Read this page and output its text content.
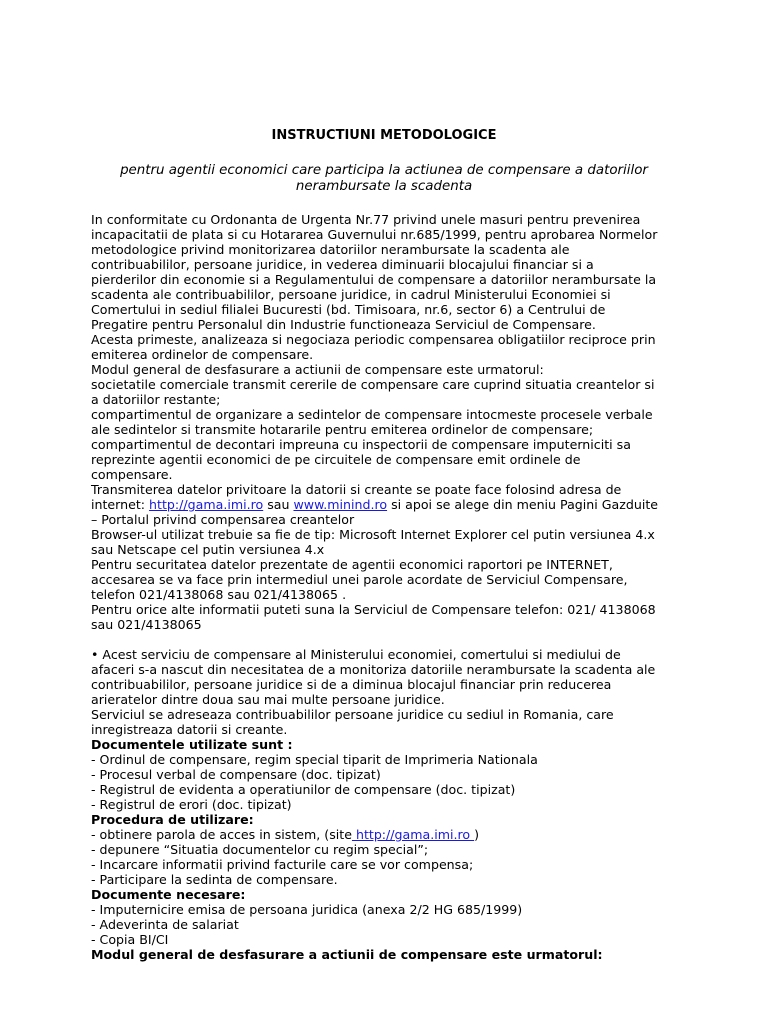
INSTRUCTIUNI METODOLOGICE
pentru agentii economici care participa la actiunea de compensare a datoriilor
nerambursate la scadenta
In conformitate cu Ordonanta de Urgenta Nr.77 privind unele masuri pentru prevenirea
incapacitatii de plata si cu Hotararea Guvernului nr.685/1999, pentru aprobarea Normelor
metodologice privind monitorizarea datoriilor nerambursate la scadenta ale
contribuabililor, persoane juridice, in vederea diminuarii blocajului financiar si a
pierderilor din economie si a Regulamentului de compensare a datoriilor nerambursate la
scadenta ale contribuabililor, persoane juridice, in cadrul Ministerului Economiei si
Comertului in sediul filialei Bucuresti (bd. Timisoara, nr.6, sector 6) a Centrului de
Pregatire pentru Personalul din Industrie functioneaza Serviciul de Compensare.
Acesta primeste, analizeaza si negociaza periodic compensarea obligatiilor reciproce prin
emiterea ordinelor de compensare.
Modul general de desfasurare a actiunii de compensare este urmatorul:
societatile comerciale transmit cererile de compensare care cuprind situatia creantelor si
a datoriilor restante;
compartimentul de organizare a sedintelor de compensare intocmeste procesele verbale
ale sedintelor si transmite hotararile pentru emiterea ordinelor de compensare;
compartimentul de decontari impreuna cu inspectorii de compensare imputerniciti sa
reprezinte agentii economici de pe circuitele de compensare emit ordinele de
compensare.
Transmiterea datelor privitoare la datorii si creante se poate face folosind adresa de
internet: http://gama.imi.ro sau www.minind.ro si apoi se alege din meniu Pagini Gazduite
– Portalul privind compensarea creantelor
Browser-ul utilizat trebuie sa fie de tip: Microsoft Internet Explorer cel putin versiunea 4.x
sau Netscape cel putin versiunea 4.x
Pentru securitatea datelor prezentate de agentii economici raportori pe INTERNET,
accesarea se va face prin intermediul unei parole acordate de Serviciul Compensare,
telefon 021/4138068 sau 021/4138065 .
Pentru orice alte informatii puteti suna la Serviciul de Compensare telefon: 021/ 4138068
sau 021/4138065
• Acest serviciu de compensare al Ministerului economiei, comertului si mediului de
afaceri s-a nascut din necesitatea de a monitoriza datoriile nerambursate la scadenta ale
contribuabililor, persoane juridice si de a diminua blocajul financiar prin reducerea
arieratelor dintre doua sau mai multe persoane juridice.
Serviciul se adreseaza contribuabililor persoane juridice cu sediul in Romania, care
inregistreaza datorii si creante.
Documentele utilizate sunt :
- Ordinul de compensare, regim special tiparit de Imprimeria Nationala
- Procesul verbal de compensare (doc. tipizat)
- Registrul de evidenta a operatiunilor de compensare (doc. tipizat)
- Registrul de erori (doc. tipizat)
Procedura de utilizare:
- obtinere parola de acces in sistem, (site http://gama.imi.ro )
- depunere “Situatia documentelor cu regim special”;
- Incarcare informatii privind facturile care se vor compensa;
- Participare la sedinta de compensare.
Documente necesare:
- Imputernicire emisa de persoana juridica (anexa 2/2 HG 685/1999)
- Adeverinta de salariat
- Copia BI/CI
Modul general de desfasurare a actiunii de compensare este urmatorul:
